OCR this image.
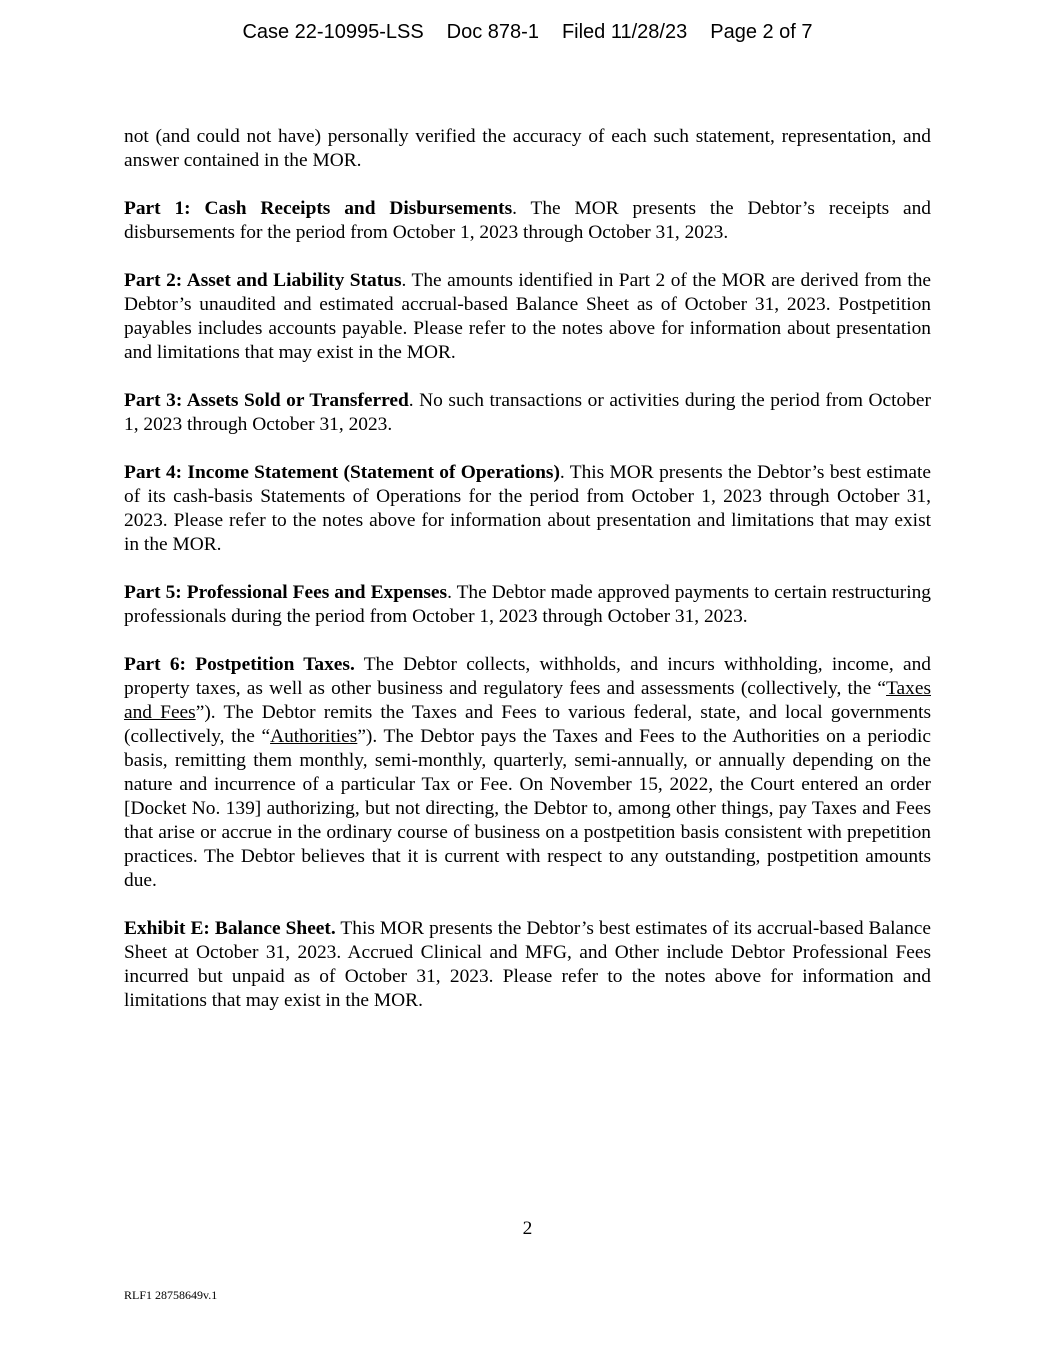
Case 22-10995-LSS Doc 878-1 Filed 11/28/23 Page 2 of 7

not (and could not have) personally verified the accuracy of each such statement, representation, and answer contained in the MOR.

Part 1: Cash Receipts and Disbursements. The MOR presents the Debtor’s receipts and disbursements for the period from October 1, 2023 through October 31, 2023.

Part 2: Asset and Liability Status. The amounts identified in Part 2 of the MOR are derived from the Debtor’s unaudited and estimated accrual-based Balance Sheet as of October 31, 2023. Postpetition payables includes accounts payable. Please refer to the notes above for information about presentation and limitations that may exist in the MOR.

Part 3: Assets Sold or Transferred. No such transactions or activities during the period from October 1, 2023 through October 31, 2023.

Part 4: Income Statement (Statement of Operations). This MOR presents the Debtor’s best estimate of its cash-basis Statements of Operations for the period from October 1, 2023 through October 31, 2023. Please refer to the notes above for information about presentation and limitations that may exist in the MOR.

Part 5: Professional Fees and Expenses. The Debtor made approved payments to certain restructuring professionals during the period from October 1, 2023 through October 31, 2023.

Part 6: Postpetition Taxes. The Debtor collects, withholds, and incurs withholding, income, and property taxes, as well as other business and regulatory fees and assessments (collectively, the “Taxes and Fees”). The Debtor remits the Taxes and Fees to various federal, state, and local governments (collectively, the “Authorities”). The Debtor pays the Taxes and Fees to the Authorities on a periodic basis, remitting them monthly, semi-monthly, quarterly, semi-annually, or annually depending on the nature and incurrence of a particular Tax or Fee. On November 15, 2022, the Court entered an order [Docket No. 139] authorizing, but not directing, the Debtor to, among other things, pay Taxes and Fees that arise or accrue in the ordinary course of business on a postpetition basis consistent with prepetition practices. The Debtor believes that it is current with respect to any outstanding, postpetition amounts due.

Exhibit E: Balance Sheet. This MOR presents the Debtor’s best estimates of its accrual-based Balance Sheet at October 31, 2023. Accrued Clinical and MFG, and Other include Debtor Professional Fees incurred but unpaid as of October 31, 2023. Please refer to the notes above for information and limitations that may exist in the MOR.

2
RLF1 28758649v.1
